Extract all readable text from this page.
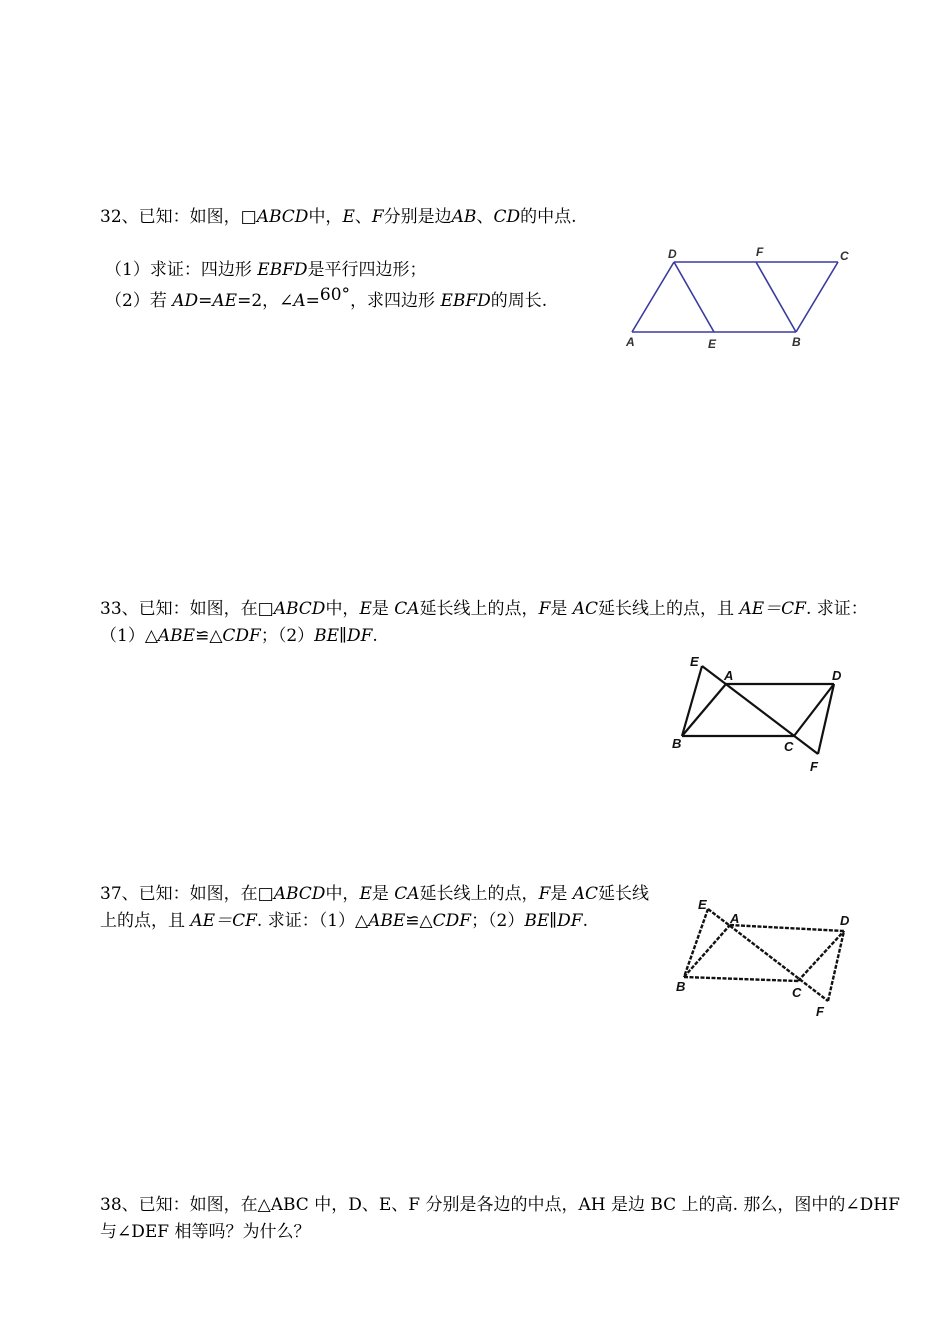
32、已知：如图，□ABCD中，E、F分别是边AB、CD的中点.
（1）求证：四边形 EBFD是平行四边形；
（2）若 AD=AE=2，∠A=60°，求四边形 EBFD的周长.
D	F	C
A	E	B
33、已知：如图，在□ABCD中，E是 CA延长线上的点，F是 AC延长线上的点，且 AE＝CF. 求证：
（1）△ABE≌△CDF；（2）BE∥DF.
E
A	D
B	C
F
37、已知：如图，在□ABCD中，E是 CA延长线上的点，F是 AC延长线
上的点，且 AE＝CF. 求证：（1）△ABE≌△CDF；（2）BE∥DF.
E
A	D
B	C
F
38、已知：如图，在△ABC 中，D、E、F 分别是各边的中点，AH 是边 BC 上的高. 那么，图中的∠DHF
与∠DEF 相等吗？为什么？
